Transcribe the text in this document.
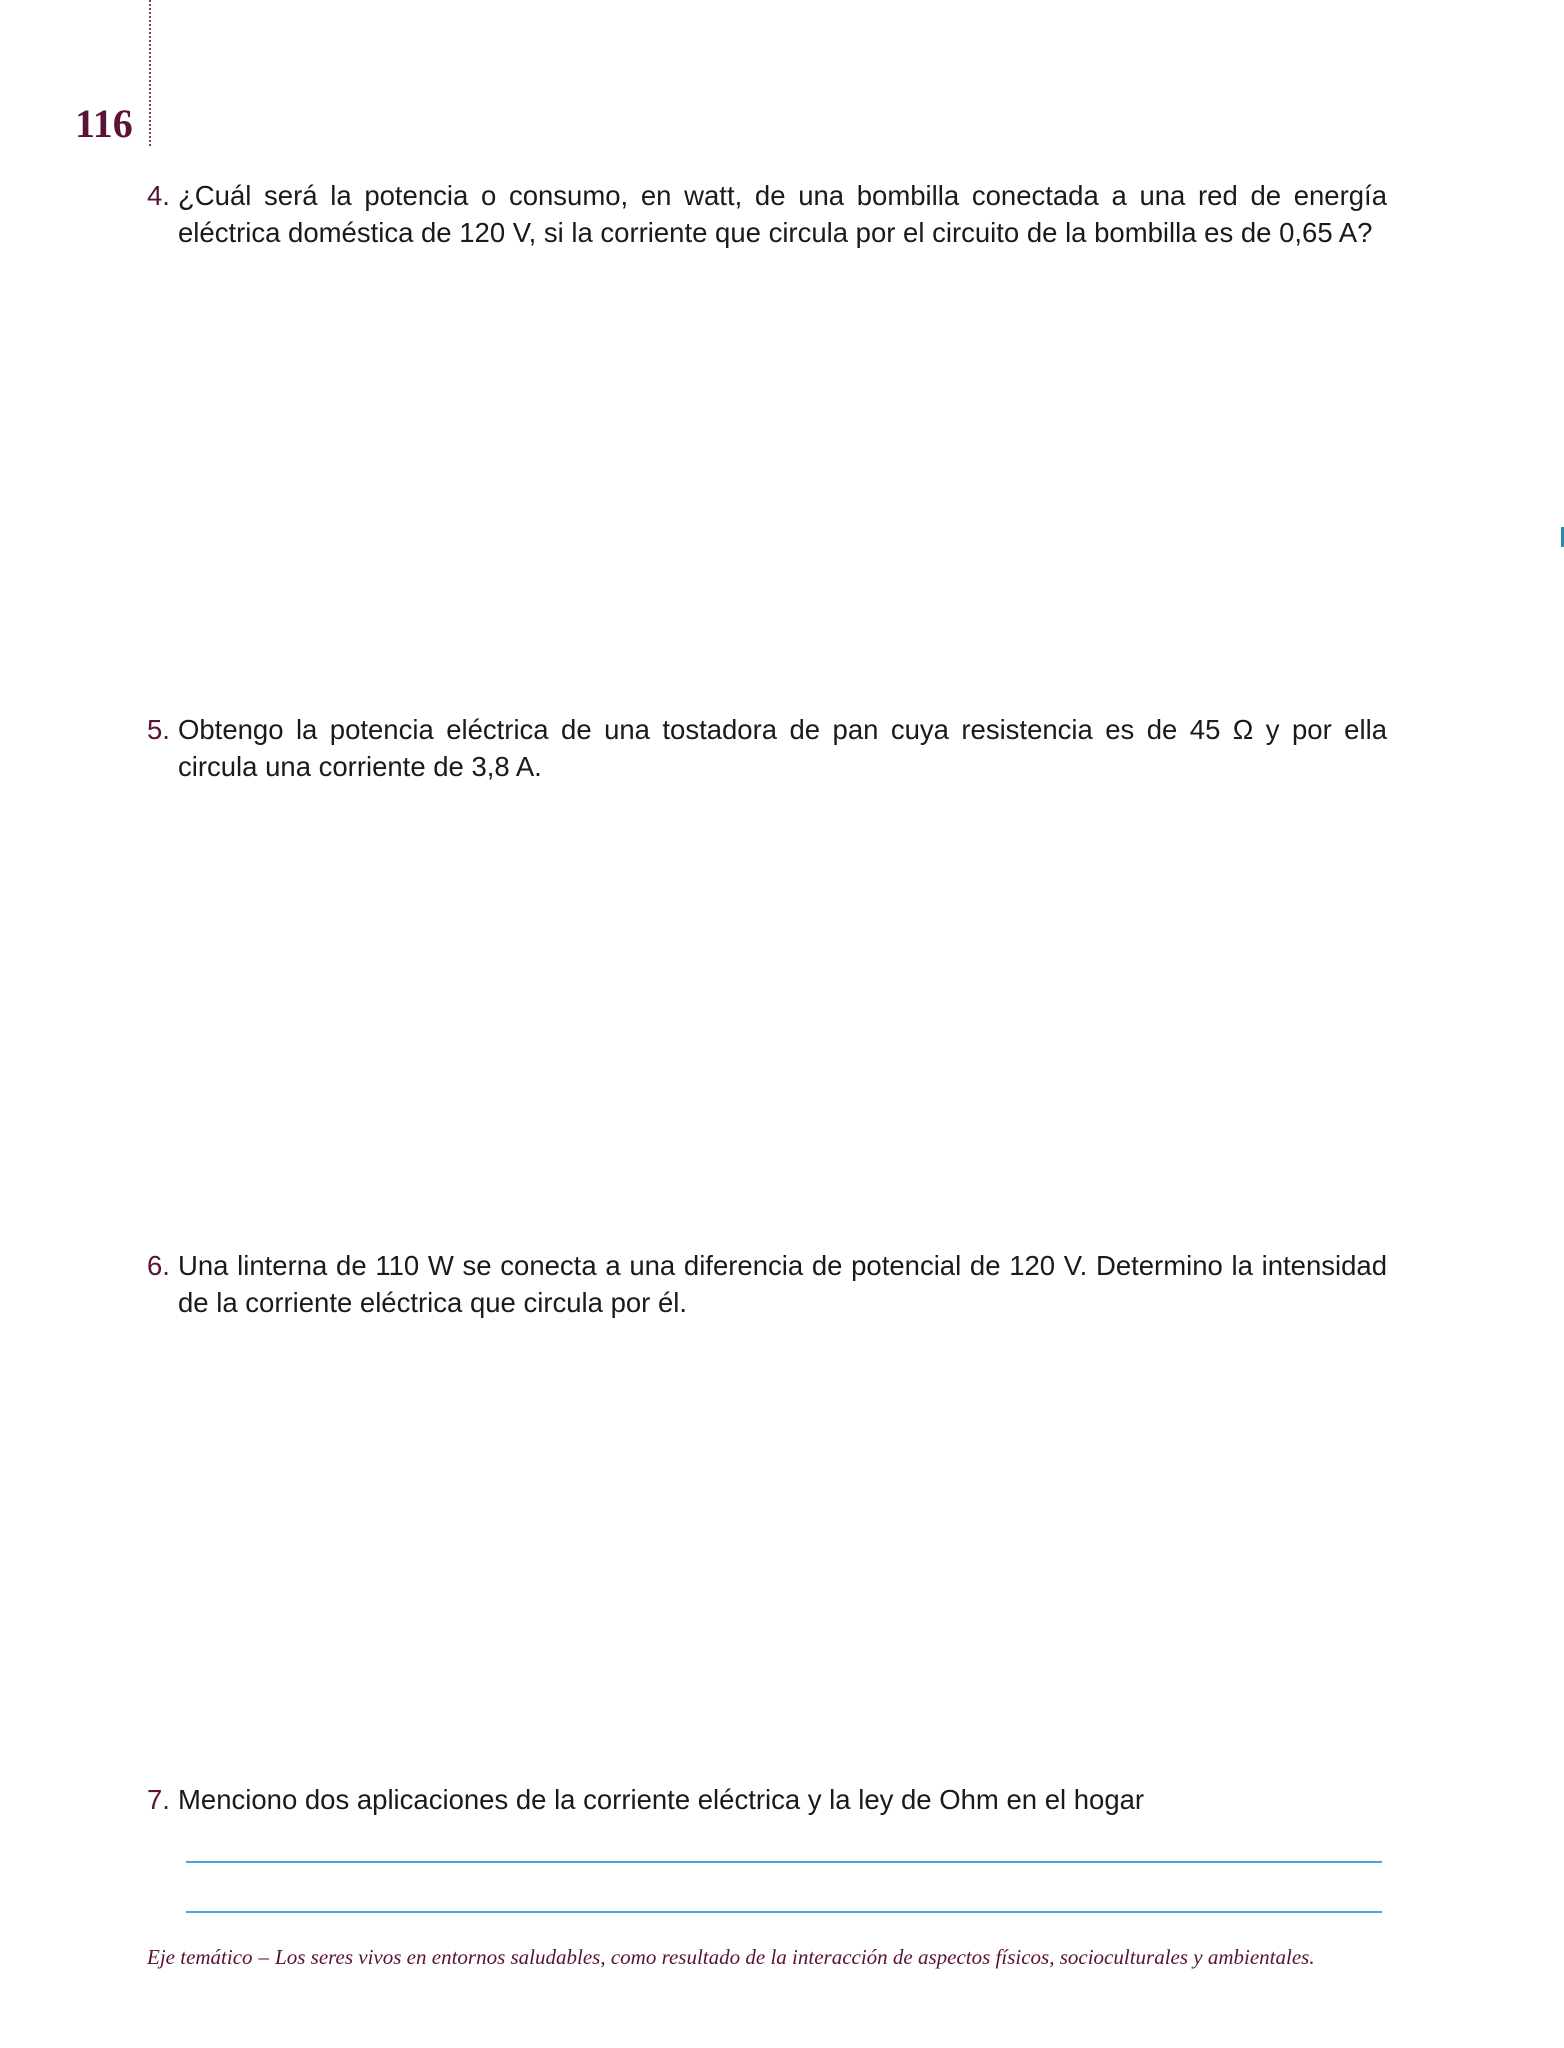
116
4. ¿Cuál será la potencia o consumo, en watt, de una bombilla conectada a una red de energía eléctrica doméstica de 120 V, si la corriente que circula por el circuito de la bombilla es de 0,65 A?
5. Obtengo la potencia eléctrica de una tostadora de pan cuya resistencia es de 45 Ω y por ella circula una corriente de 3,8 A.
6. Una linterna de 110 W se conecta a una diferencia de potencial de 120 V. Determino la intensidad de la corriente eléctrica que circula por él.
7. Menciono dos aplicaciones de la corriente eléctrica y la ley de Ohm en el hogar
Eje temático – Los seres vivos en entornos saludables, como resultado de la interacción de aspectos físicos, socioculturales y ambientales.
